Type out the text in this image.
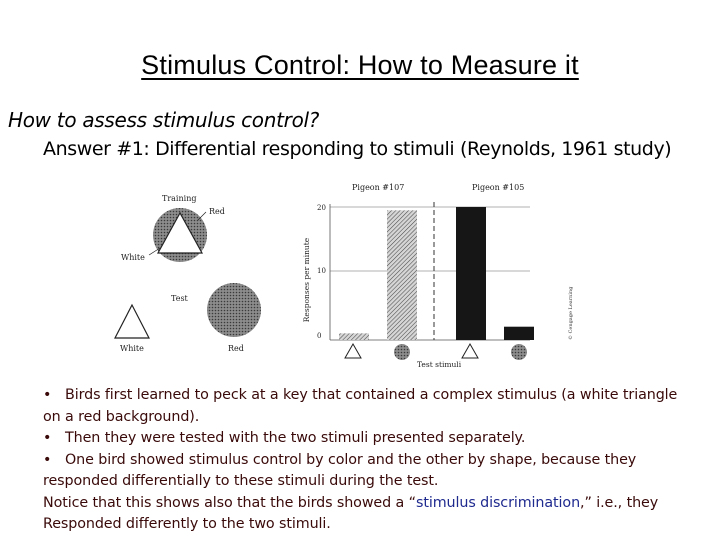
Stimulus Control: How to Measure it
How to assess stimulus control?
Answer #1: Differential responding to stimuli (Reynolds, 1961 study)
Training
Red
White
Test
White	Red
Pigeon #107	Pigeon #105
Responses per minute
20
10
0
Test stimuli
© Cengage Learning

• Birds first learned to peck at a key that contained a complex stimulus (a white triangle on a red background).

• Then they were tested with the two stimuli presented separately.

• One bird showed stimulus control by color and the other by shape, because they responded differentially to these stimuli during the test.

Notice that this shows also that the birds showed a “stimulus discrimination,” i.e., they Responded differently to the two stimuli.
